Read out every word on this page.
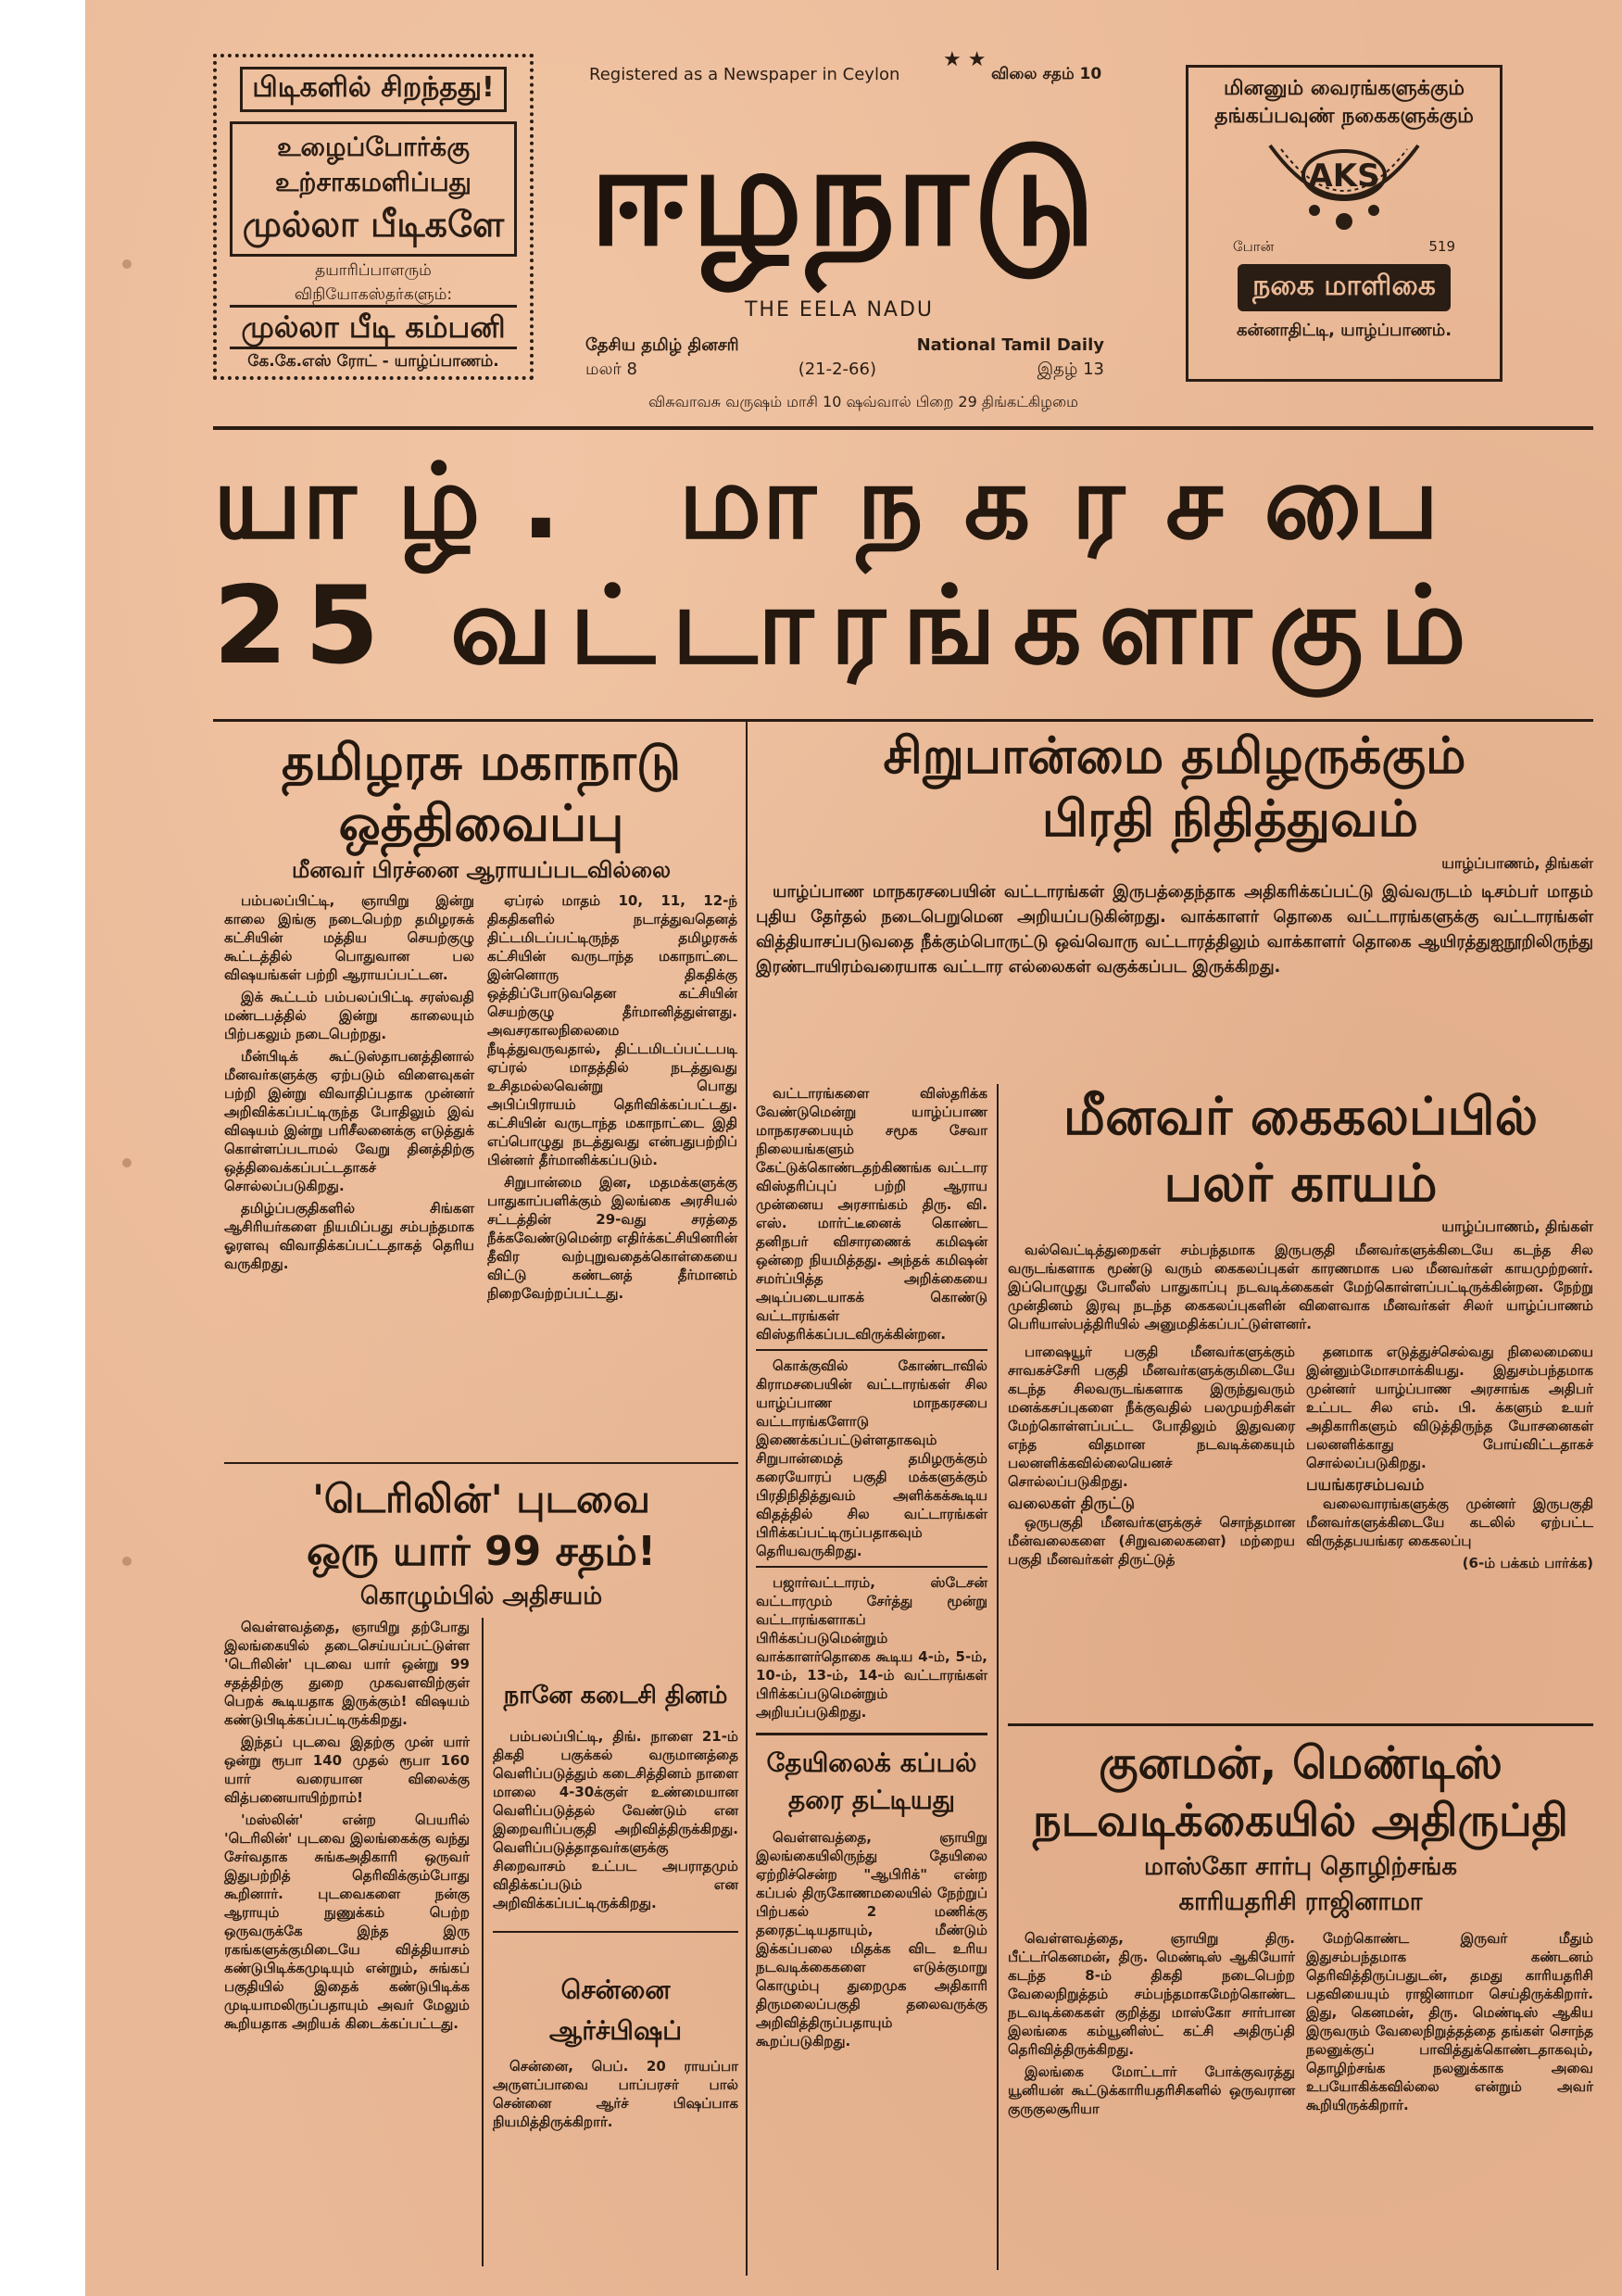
பிடிகளில் சிறந்தது!
உழைப்போர்க்கு
உற்சாகமளிப்பது
முல்லா பீடிகளே
தயாரிப்பாளரும்
விநியோகஸ்தர்களும்:
முல்லா பீடி கம்பனி
கே.கே.எஸ் ரோட் - யாழ்ப்பாணம்.
Registered as a Newspaper in Ceylon
★ ★
விலை சதம் 10
ஈழநாடு
THE EELA NADU
தேசிய தமிழ் தினசரி	National Tamil Daily
மலர் 8	(21-2-66)	இதழ் 13
விசுவாவசு வருஷம் மாசி 10 ஷவ்வால் பிறை 29 திங்கட்கிழமை
மினனும் வைரங்களுக்கும்
தங்கப்பவுண் நகைகளுக்கும்
AKS
போன்	519
நகை மாளிகை
கன்னாதிட்டி, யாழ்ப்பாணம்.
யாழ். மாநகரசபை
25 வட்டாரங்களாகும்
தமிழரசு மகாநாடு
ஒத்திவைப்பு
மீனவர் பிரச்னை ஆராயப்படவில்லை

பம்பலப்பிட்டி, ஞாயிறு இன்று காலை இங்கு நடைபெற்ற தமிழரசுக் கட்சியின் மத்திய செயற்குழு கூட்டத்தில் பொதுவான பல விஷயங்கள் பற்றி ஆராயப்பட்டன.

இக் கூட்டம் பம்பலப்பிட்டி சரஸ்வதி மண்டபத்தில் இன்று காலையும் பிற்பகலும் நடைபெற்றது.

மீன்பிடிக் கூட்டுஸ்தாபனத்தினால் மீனவர்களுக்கு ஏற்படும் விளைவுகள் பற்றி இன்று விவாதிப்பதாக முன்னர் அறிவிக்கப்பட்டிருந்த போதிலும் இவ் விஷயம் இன்று பரிசீலனைக்கு எடுத்துக் கொள்ளப்படாமல் வேறு தினத்திற்கு ஒத்திவைக்கப்பட்டதாகச் சொல்லப்படுகிறது.

தமிழ்ப்பகுதிகளில் சிங்கள ஆசிரியர்களை நியமிப்பது சம்பந்தமாக ஓரளவு விவாதிக்கப்பட்டதாகத் தெரிய வருகிறது.

ஏப்ரல் மாதம் 10, 11, 12-ந் திகதிகளில் நடாத்துவதெனத் திட்டமிடப்பட்டிருந்த தமிழரசுக் கட்சியின் வருடாந்த மகாநாட்டை இன்னொரு திகதிக்கு ஒத்திப்போடுவதென கட்சியின் செயற்குழு தீர்மானித்துள்ளது. அவசரகாலநிலைமை நீடித்துவருவதால், திட்டமிடப்பட்டபடி ஏப்ரல் மாதத்தில் நடத்துவது உசிதமல்லவென்று பொது அபிப்பிராயம் தெரிவிக்கப்பட்டது. கட்சியின் வருடாந்த மகாநாட்டை இதி எப்பொழுது நடத்துவது என்பதுபற்றிப் பின்னர் தீர்மானிக்கப்படும்.

சிறுபான்மை இன, மதமக்களுக்கு பாதுகாப்பளிக்கும் இலங்கை அரசியல் சட்டத்தின் 29-வது சரத்தை நீக்கவேண்டுமென்ற எதிர்க்கட்சியினரின் தீவிர வற்புறுவதைக்கொள்கையை விட்டு கண்டனத் தீர்மானம் நிறைவேற்றப்பட்டது.

'டெரிலின்' புடவை
ஒரு யார் 99 சதம்!
கொழும்பில் அதிசயம்

வெள்ளவத்தை, ஞாயிறு தற்போது இலங்கையில் தடைசெய்யப்பட்டுள்ள 'டெரிலின்' புடவை யார் ஒன்று 99 சதத்திற்கு துறை முகவளவிற்குள் பெறக் கூடியதாக இருக்கும்! விஷயம் கண்டுபிடிக்கப்பட்டிருக்கிறது.

இந்தப் புடவை இதற்கு முன் யார் ஒன்று ரூபா 140 முதல் ரூபா 160 யார் வரையான விலைக்கு வித்பனையாயிற்றாம்!

'மஸ்லின்' என்ற பெயரில் 'டெரிலின்' புடவை இலங்கைக்கு வந்து சேர்வதாக சுங்கஅதிகாரி ஒருவர் இதுபற்றித் தெரிவிக்கும்போது கூறினார். புடவைகளை நன்கு ஆராயும் நுணுக்கம் பெற்ற ஒருவருக்கே இந்த இரு ரகங்களுக்குமிடையே வித்தியாசம் கண்டுபிடிக்கமுடியும் என்றும், சுங்கப் பகுதியில் இதைக் கண்டுபிடிக்க முடியாமலிருப்பதாயும் அவர் மேலும் கூறியதாக அறியக் கிடைக்கப்பட்டது.

நானே கடைசி தினம்

பம்பலப்பிட்டி, திங். நாளை 21-ம் திகதி பகுக்கல் வருமானத்தை வெளிப்படுத்தும் கடைசித்தினம் நாளை மாலை 4-30க்குள் உண்மையான வெளிப்படுத்தல் வேண்டும் என இறைவரிப்பகுதி அறிவித்திருக்கிறது. வெளிப்படுத்தாதவர்களுக்கு சிறைவாசம் உட்பட அபராதமும் விதிக்கப்படும் என அறிவிக்கப்பட்டிருக்கிறது.

சென்னை ஆர்ச்பிஷப்

சென்னை, பெப். 20 ராயப்பா அருளப்பாவை பாப்பரசர் பால் சென்னை ஆர்ச் பிஷப்பாக நியமித்திருக்கிறார்.

சிறுபான்மை தமிழருக்கும்
பிரதி நிதித்துவம்
யாழ்ப்பாணம், திங்கள்

யாழ்ப்பாண மாநகரசபையின் வட்டாரங்கள் இருபத்தைந்தாக அதிகரிக்கப்பட்டு இவ்வருடம் டிசம்பர் மாதம் புதிய தேர்தல் நடைபெறுமென அறியப்படுகின்றது. வாக்காளர் தொகை வட்டாரங்களுக்கு வட்டாரங்கள் வித்தியாசப்படுவதை நீக்கும்பொருட்டு ஒவ்வொரு வட்டாரத்திலும் வாக்காளர் தொகை ஆயிரத்துஐநூறிலிருந்து இரண்டாயிரம்வரையாக வட்டார எல்லைகள் வகுக்கப்பட இருக்கிறது.

வட்டாரங்களை விஸ்தரிக்க வேண்டுமென்று யாழ்ப்பாண மாநகரசபையும் சமூக சேவா நிலையங்களும் கேட்டுக்கொண்டதற்கிணங்க வட்டார விஸ்தரிப்புப் பற்றி ஆராய முன்னைய அரசாங்கம் திரு. வி. எஸ். மார்ட்டீனைக் கொண்ட தனிநபர் விசாரணைக் கமிஷன் ஒன்றை நியமித்தது. அந்தக் கமிஷன் சமர்ப்பித்த அறிக்கையை அடிப்படையாகக் கொண்டு வட்டாரங்கள் விஸ்தரிக்கப்படவிருக்கின்றன.

கொக்குவில் கோண்டாவில் கிராமசபையின் வட்டாரங்கள் சில யாழ்ப்பாண மாநகரசபை வட்டாரங்களோடு இணைக்கப்பட்டுள்ளதாகவும் சிறுபான்மைத் தமிழருக்கும் கரையோரப் பகுதி மக்களுக்கும் பிரதிநிதித்துவம் அளிக்கக்கூடிய விதத்தில் சில வட்டாரங்கள் பிரிக்கப்பட்டிருப்பதாகவும் தெரியவருகிறது.

பஜார்வட்டாரம், ஸ்டேசன் வட்டாரமும் சேர்த்து மூன்று வட்டாரங்களாகப் பிரிக்கப்படுமென்றும் வாக்காளர்தொகை கூடிய 4-ம், 5-ம், 10-ம், 13-ம், 14-ம் வட்டாரங்கள் பிரிக்கப்படுமென்றும் அறியப்படுகிறது.

தேயிலைக் கப்பல்
தரை தட்டியது

வெள்ளவத்தை, ஞாயிறு இலங்கையிலிருந்து தேயிலை ஏற்றிச்சென்ற "ஆபிரிக்" என்ற கப்பல் திருகோணமலையில் நேற்றுப் பிற்பகல் 2 மணிக்கு தரைதட்டியதாயும், மீண்டும் இக்கப்பலை மிதக்க விட உரிய நடவடிக்கைகளை எடுக்குமாறு கொழும்பு துறைமுக அதிகாரி திருமலைப்பகுதி தலைவருக்கு அறிவித்திருப்பதாயும் கூறப்படுகிறது.

மீனவர் கைகலப்பில்
பலர் காயம்
யாழ்ப்பாணம், திங்கள்

வல்வெட்டித்துறைகள் சம்பந்தமாக இருபகுதி மீனவர்களுக்கிடையே கடந்த சில வருடங்களாக மூண்டு வரும் கைகலப்புகள் காரணமாக பல மீனவர்கள் காயமுற்றனர். இப்பொழுது போலீஸ் பாதுகாப்பு நடவடிக்கைகள் மேற்கொள்ளப்பட்டிருக்கின்றன. நேற்று முன்தினம் இரவு நடந்த கைகலப்புகளின் விளைவாக மீனவர்கள் சிலர் யாழ்ப்பாணம் பெரியாஸ்பத்திரியில் அனுமதிக்கப்பட்டுள்ளனர்.

பாஷையூர் பகுதி மீனவர்களுக்கும் சாவகச்சேரி பகுதி மீனவர்களுக்குமிடையே கடந்த சிலவருடங்களாக இருந்துவரும் மனக்கசப்புகளை நீக்குவதில் பலமுயற்சிகள் மேற்கொள்ளப்பட்ட போதிலும் இதுவரை எந்த விதமான நடவடிக்கையும் பலனளிக்கவில்லையெனச் சொல்லப்படுகிறது.

வலைகள் திருட்டு

ஒருபகுதி மீனவர்களுக்குச் சொந்தமான மீன்வலைகளை (சிறுவலைகளை) மற்றைய பகுதி மீனவர்கள் திருட்டுத்

தனமாக எடுத்துச்செல்வது நிலைமையை இன்னும்மோசமாக்கியது. இதுசம்பந்தமாக முன்னர் யாழ்ப்பாண அரசாங்க அதிபர் உட்பட சில எம். பி. க்களும் உயர் அதிகாரிகளும் விடுத்திருந்த யோசனைகள் பலனளிக்காது போய்விட்டதாகச் சொல்லப்படுகிறது.

பயங்கரசம்பவம்

வலைவாரங்களுக்கு முன்னர் இருபகுதி மீனவர்களுக்கிடையே கடலில் ஏற்பட்ட விருத்தபயங்கர கைகலப்பு

(6-ம் பக்கம் பார்க்க)
குனமன், மெண்டிஸ்
நடவடிக்கையில் அதிருப்தி
மாஸ்கோ சார்பு தொழிற்சங்க
காரியதரிசி ராஜினாமா

வெள்ளவத்தை, ஞாயிறு திரு. பீட்டர்கெனமன், திரு. மெண்டிஸ் ஆகியோர் கடந்த 8-ம் திகதி நடைபெற்ற வேலைநிறுத்தம் சம்பந்தமாகமேற்கொண்ட நடவடிக்கைகள் குறித்து மாஸ்கோ சார்பான இலங்கை கம்யூனிஸ்ட் கட்சி அதிருப்தி தெரிவித்திருக்கிறது.

இலங்கை மோட்டார் போக்குவரத்து யூனியன் கூட்டுக்காரியதரிசிகளில் ஒருவரான குருகுலசூரியா

மேற்கொண்ட இருவர் மீதும் இதுசம்பந்தமாக கண்டனம் தெரிவித்திருப்பதுடன், தமது காரியதரிசி பதவியையும் ராஜினாமா செய்திருக்கிறார். இது, கெனமன், திரு. மெண்டிஸ் ஆகிய இருவரும் வேலைநிறுத்தத்தை தங்கள் சொந்த நலனுக்குப் பாவித்துக்கொண்டதாகவும், தொழிற்சங்க நலனுக்காக அவை உபயோகிக்கவில்லை என்றும் அவர் கூறியிருக்கிறார்.
